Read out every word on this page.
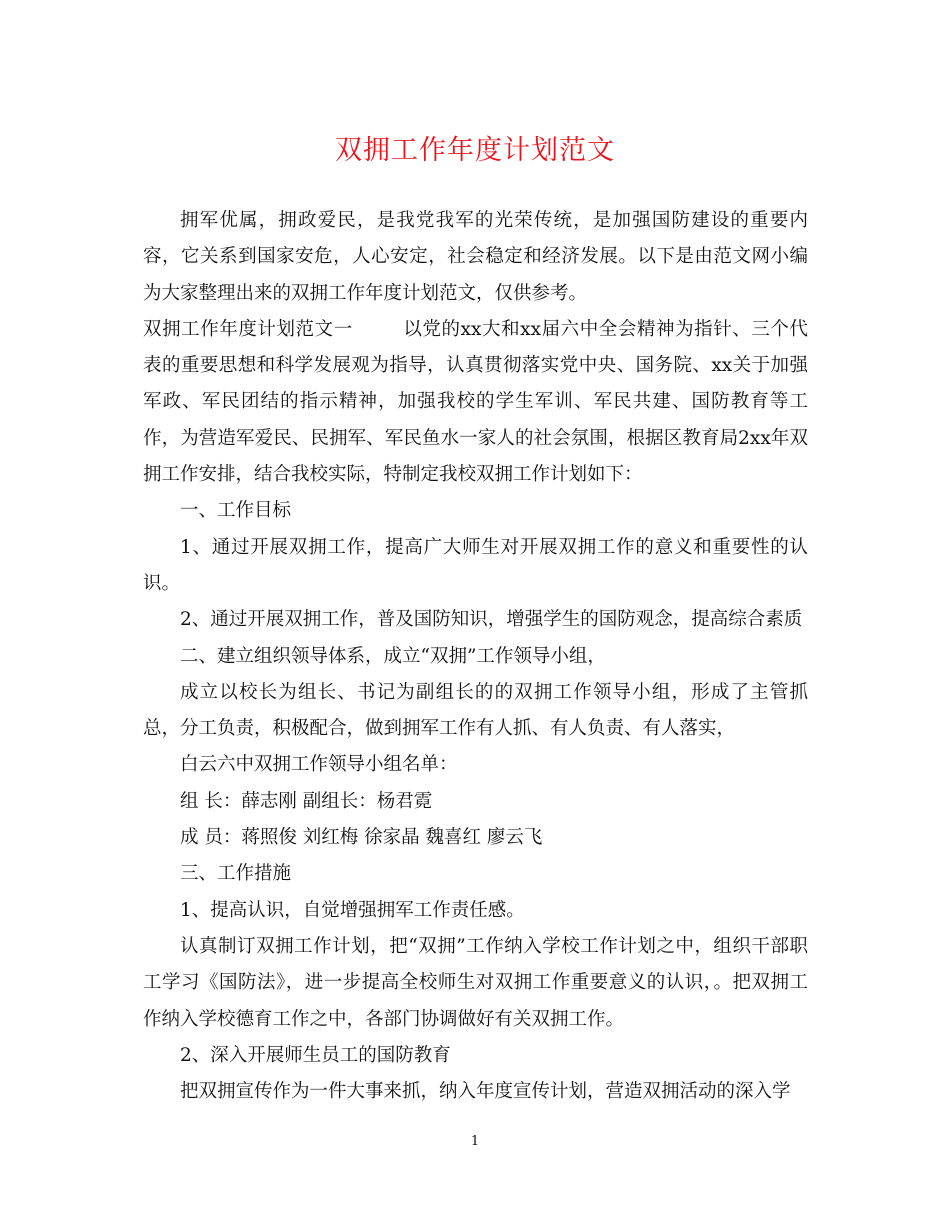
双拥工作年度计划范文

拥军优属，拥政爱民，是我党我军的光荣传统，是加强国防建设的重要内容，它关系到国家安危，人心安定，社会稳定和经济发展。以下是由范文网小编为大家整理出来的双拥工作年度计划范文，仅供参考。

双拥工作年度计划范文一	以党的xx大和xx届六中全会精神为指针、三个代表的重要思想和科学发展观为指导，认真贯彻落实党中央、国务院、xx关于加强军政、军民团结的指示精神，加强我校的学生军训、军民共建、国防教育等工作，为营造军爱民、民拥军、军民鱼水一家人的社会氛围，根据区教育局2xx年双拥工作安排，结合我校实际，特制定我校双拥工作计划如下：

一、工作目标

1、通过开展双拥工作，提高广大师生对开展双拥工作的意义和重要性的认识。

2、通过开展双拥工作，普及国防知识，增强学生的国防观念，提高综合素质

二、建立组织领导体系，成立“双拥”工作领导小组，

成立以校长为组长、书记为副组长的的双拥工作领导小组，形成了主管抓总，分工负责，积极配合，做到拥军工作有人抓、有人负责、有人落实，

白云六中双拥工作领导小组名单：

组 长：薛志刚 副组长：杨君霓

成 员：蒋照俊 刘红梅 徐家晶 魏喜红 廖云飞

三、工作措施

1、提高认识，自觉增强拥军工作责任感。

认真制订双拥工作计划，把“双拥”工作纳入学校工作计划之中，组织干部职工学习《国防法》，进一步提高全校师生对双拥工作重要意义的认识，。把双拥工作纳入学校德育工作之中，各部门协调做好有关双拥工作。

2、深入开展师生员工的国防教育

把双拥宣传作为一件大事来抓，纳入年度宣传计划，营造双拥活动的深入学

1
